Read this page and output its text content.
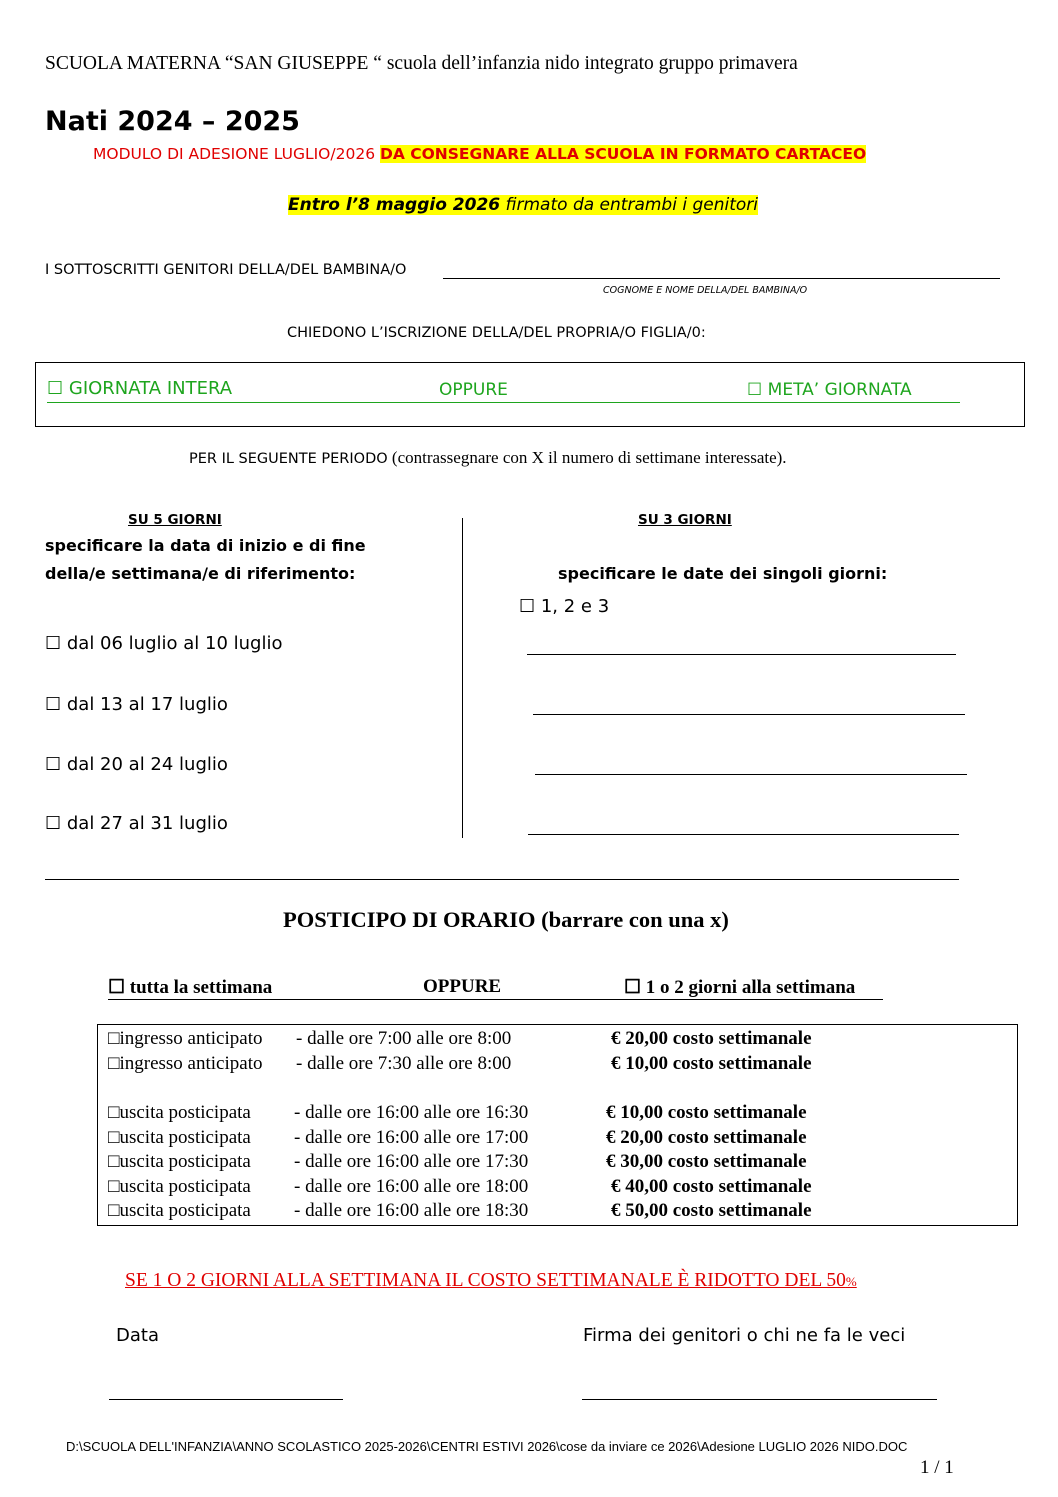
SCUOLA MATERNA “SAN GIUSEPPE “ scuola dell’infanzia nido integrato gruppo primavera
Nati 2024 – 2025
MODULO DI ADESIONE LUGLIO/2026 DA CONSEGNARE ALLA SCUOLA IN FORMATO CARTACEO
Entro l’8 maggio 2026 firmato da entrambi i genitori
I SOTTOSCRITTI GENITORI DELLA/DEL BAMBINA/O
COGNOME E NOME DELLA/DEL BAMBINA/O
CHIEDONO L’ISCRIZIONE DELLA/DEL PROPRIA/O FIGLIA/0:
☐ GIORNATA INTERA	OPPURE	☐ META’ GIORNATA
PER IL SEGUENTE PERIODO (contrassegnare con X il numero di settimane interessate).
SU 5 GIORNI
specificare la data di inizio e di fine
della/e settimana/e di riferimento:
☐ dal 06 luglio al 10 luglio
☐ dal 13 al 17 luglio
☐ dal 20 al 24 luglio
☐ dal 27 al 31 luglio
SU 3 GIORNI
specificare le date dei singoli giorni:
☐ 1, 2 e 3
POSTICIPO DI ORARIO (barrare con una x)
☐ tutta la settimana	OPPURE	☐ 1 o 2 giorni alla settimana
□ingresso anticipato - dalle ore 7:00 alle ore 8:00	€ 20,00 costo settimanale
□ingresso anticipato - dalle ore 7:30 alle ore 8:00	€ 10,00 costo settimanale
□uscita posticipata - dalle ore 16:00 alle ore 16:30	€ 10,00 costo settimanale
□uscita posticipata - dalle ore 16:00 alle ore 17:00	€ 20,00 costo settimanale
□uscita posticipata - dalle ore 16:00 alle ore 17:30	€ 30,00 costo settimanale
□uscita posticipata - dalle ore 16:00 alle ore 18:00	€ 40,00 costo settimanale
□uscita posticipata - dalle ore 16:00 alle ore 18:30	€ 50,00 costo settimanale
SE 1 O 2 GIORNI ALLA SETTIMANA IL COSTO SETTIMANALE È RIDOTTO DEL 50%
Data	Firma dei genitori o chi ne fa le veci
D:\SCUOLA DELL'INFANZIA\ANNO SCOLASTICO 2025-2026\CENTRI ESTIVI 2026\cose da inviare ce 2026\Adesione LUGLIO 2026 NIDO.DOC
1 / 1
